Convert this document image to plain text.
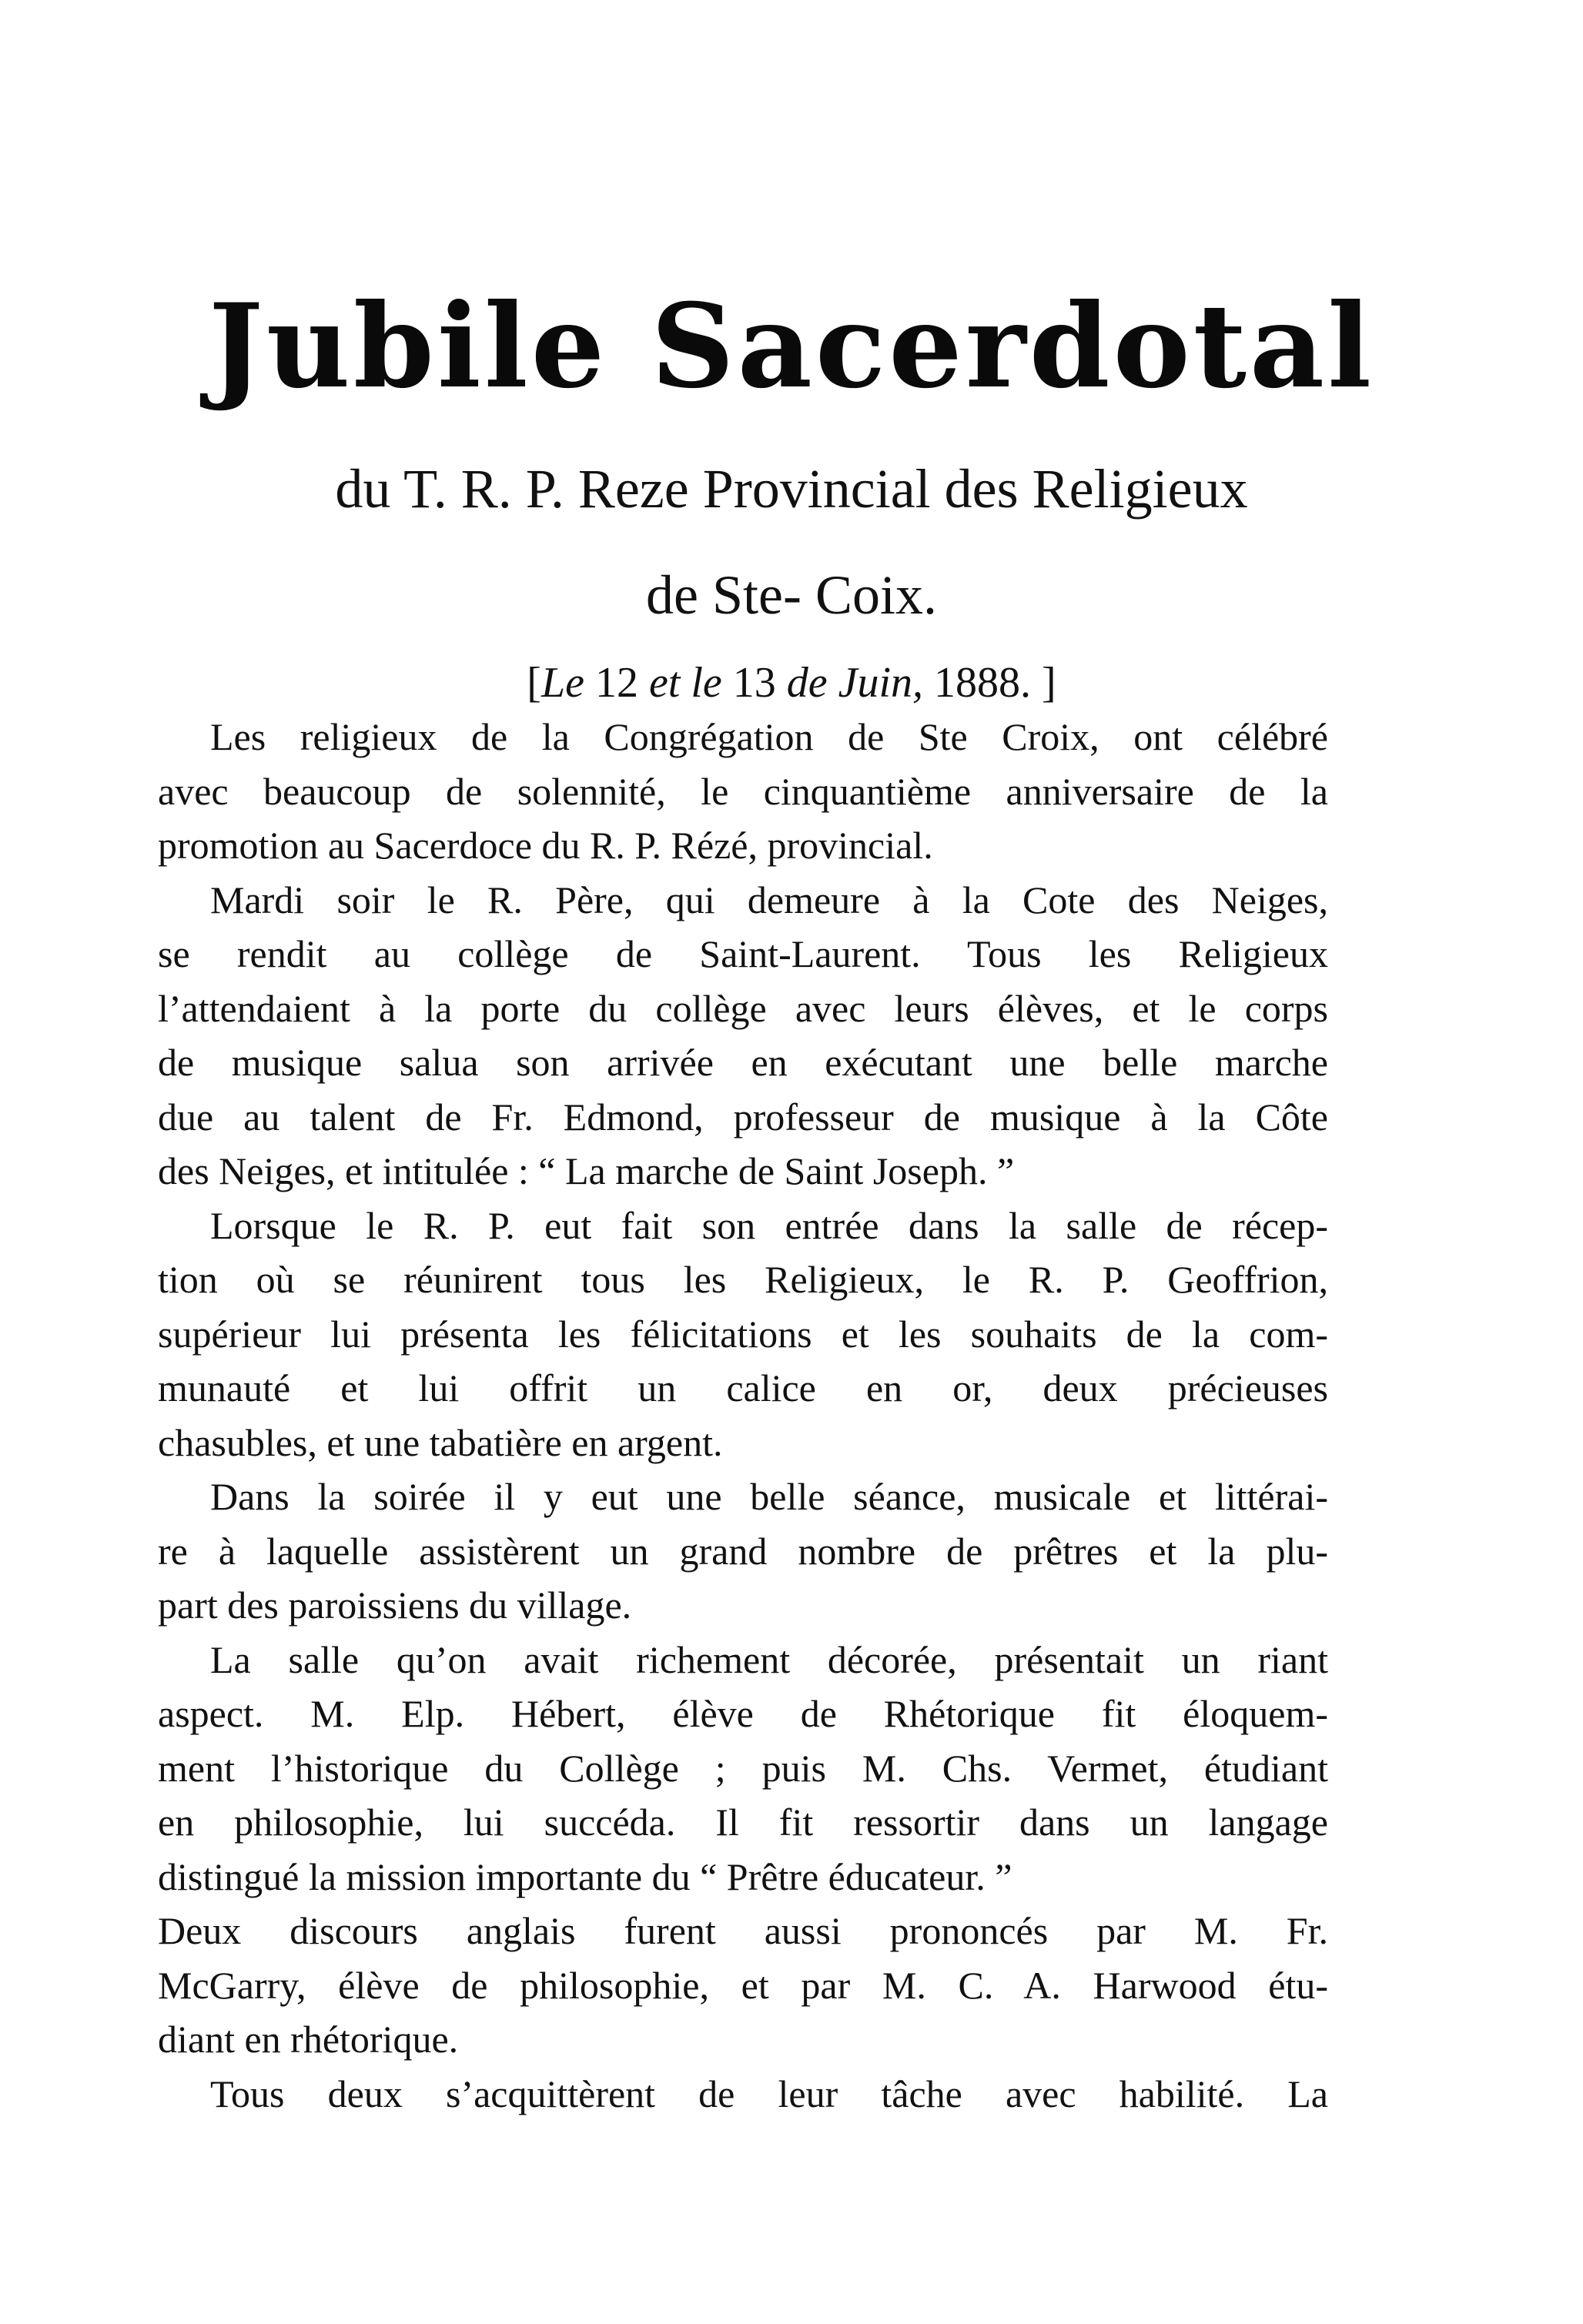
Jubile Sacerdotal
du T. R. P. Reze Provincial des Religieux
de Ste- Coix.
[Le 12 et le 13 de Juin, 1888. ]
Les religieux de la Congrégation de Ste Croix, ont célébré
avec beaucoup de solennité, le cinquantième anniversaire de la
promotion au Sacerdoce du R. P. Rézé, provincial.
Mardi soir le R. Père, qui demeure à la Cote des Neiges,
se rendit au collège de Saint-Laurent. Tous les Religieux
l’attendaient à la porte du collège avec leurs élèves, et le corps
de musique salua son arrivée en exécutant une belle marche
due au talent de Fr. Edmond, professeur de musique à la Côte
des Neiges, et intitulée : “ La marche de Saint Joseph. ”
Lorsque le R. P. eut fait son entrée dans la salle de récep-
tion où se réunirent tous les Religieux, le R. P. Geoffrion,
supérieur lui présenta les félicitations et les souhaits de la com-
munauté et lui offrit un calice en or, deux précieuses
chasubles, et une tabatière en argent.
Dans la soirée il y eut une belle séance, musicale et littérai-
re à laquelle assistèrent un grand nombre de prêtres et la plu-
part des paroissiens du village.
La salle qu’on avait richement décorée, présentait un riant
aspect. M. Elp. Hébert, élève de Rhétorique fit éloquem-
ment l’historique du Collège ; puis M. Chs. Vermet, étudiant
en philosophie, lui succéda. Il fit ressortir dans un langage
distingué la mission importante du “ Prêtre éducateur. ”
Deux discours anglais furent aussi prononcés par M. Fr.
McGarry, élève de philosophie, et par M. C. A. Harwood étu-
diant en rhétorique.
Tous deux s’acquittèrent de leur tâche avec habilité. La
